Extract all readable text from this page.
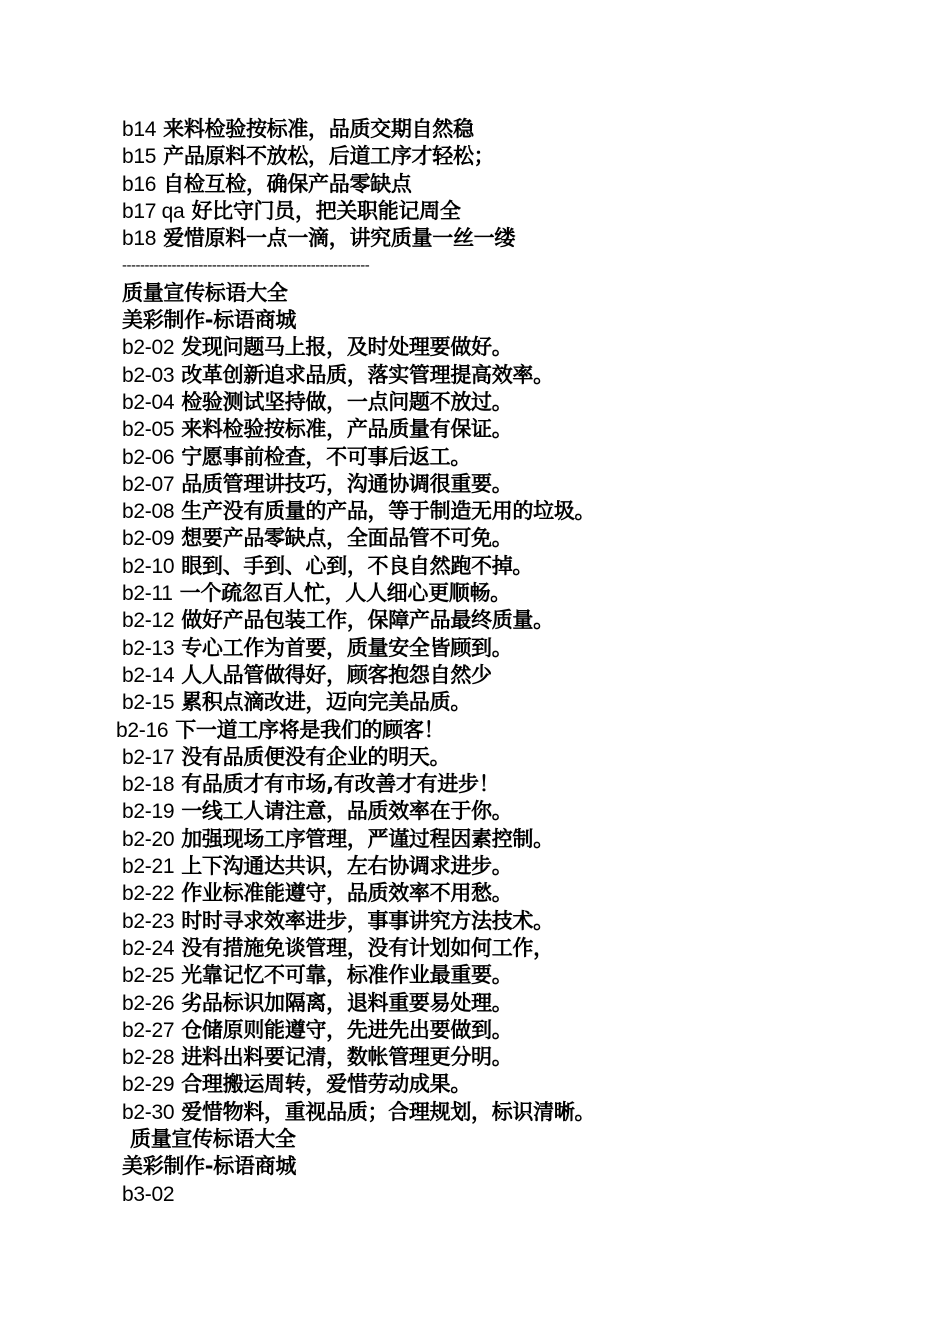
b14 来料检验按标准，品质交期自然稳
b15 产品原料不放松，后道工序才轻松；
b16 自检互检，确保产品零缺点
b17 qa 好比守门员，把关职能记周全
b18 爱惜原料一点一滴，讲究质量一丝一缕
-------------------------------------------------------
质量宣传标语大全
美彩制作-标语商城
b2-02 发现问题马上报，及时处理要做好。
b2-03 改革创新追求品质，落实管理提高效率。
b2-04 检验测试坚持做，一点问题不放过。
b2-05 来料检验按标准，产品质量有保证。
b2-06 宁愿事前检查，不可事后返工。
b2-07 品质管理讲技巧，沟通协调很重要。
b2-08 生产没有质量的产品，等于制造无用的垃圾。
b2-09 想要产品零缺点，全面品管不可免。
b2-10 眼到、手到、心到，不良自然跑不掉。
b2-11 一个疏忽百人忙，人人细心更顺畅。
b2-12 做好产品包装工作，保障产品最终质量。
b2-13 专心工作为首要，质量安全皆顾到。
b2-14 人人品管做得好，顾客抱怨自然少
b2-15 累积点滴改进，迈向完美品质。
b2-16 下一道工序将是我们的顾客！
b2-17 没有品质便没有企业的明天。
b2-18 有品质才有市场,有改善才有进步！
b2-19 一线工人请注意，品质效率在于你。
b2-20 加强现场工序管理，严谨过程因素控制。
b2-21 上下沟通达共识，左右协调求进步。
b2-22 作业标准能遵守，品质效率不用愁。
b2-23 时时寻求效率进步，事事讲究方法技术。
b2-24 没有措施免谈管理，没有计划如何工作，
b2-25 光靠记忆不可靠，标准作业最重要。
b2-26 劣品标识加隔离，退料重要易处理。
b2-27 仓储原则能遵守，先进先出要做到。
b2-28 进料出料要记清，数帐管理更分明。
b2-29 合理搬运周转，爱惜劳动成果。
b2-30 爱惜物料，重视品质；合理规划，标识清晰。
质量宣传标语大全
美彩制作-标语商城
b3-02
